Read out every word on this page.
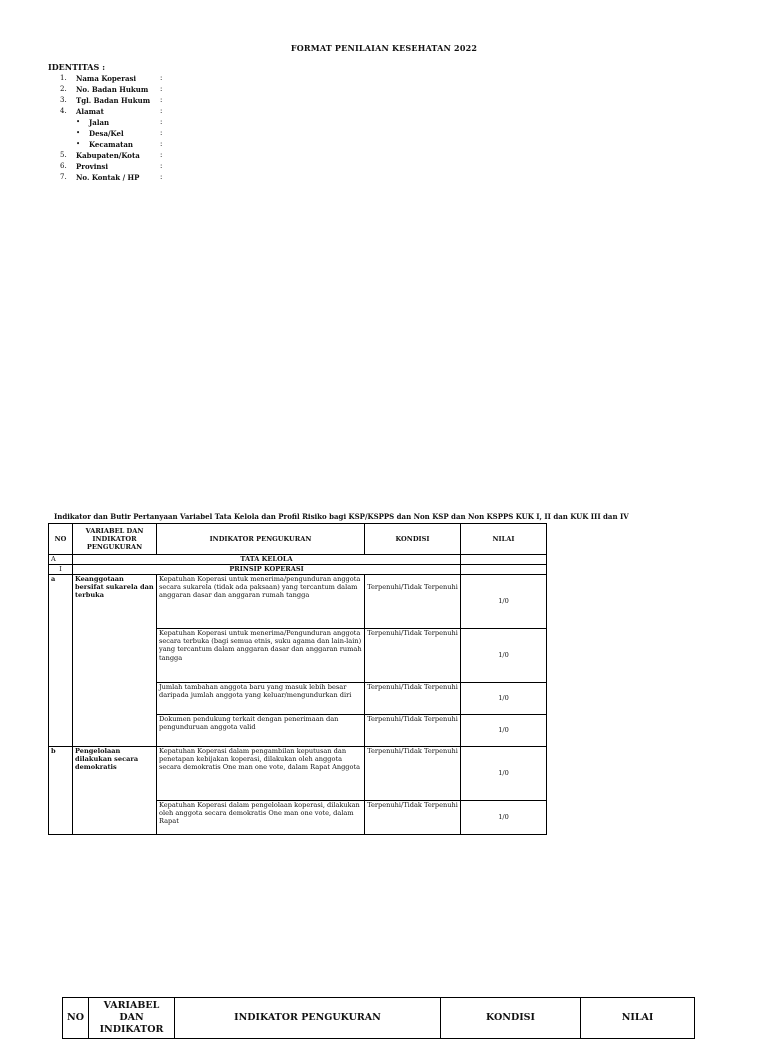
FORMAT PENILAIAN KESEHATAN 2022
IDENTITAS :
1.	Nama Koperasi	:
2.	No. Badan Hukum :
3.	Tgl. Badan Hukum :
4.	Alamat	:
• Jalan	:
• Desa/Kel	:
• Kecamatan	:
5.	Kabupaten/Kota	:
6.	Provinsi	:
7.	No. Kontak / HP	:
Indikator dan Butir Pertanyaan Variabel Tata Kelola dan Profil Risiko bagi KSP/KSPPS dan Non KSP dan Non KSPPS KUK I, II dan KUK III dan IV
NO	VARIABEL DAN INDIKATOR PENGUKURAN	INDIKATOR PENGUKURAN	KONDISI	NILAI
A	TATA KELOLA			
I	PRINSIP KOPERASI			
a	Keanggotaan bersifat sukarela dan terbuka	Kepatuhan Koperasi untuk menerima/pengunduran anggota secara sukarela (tidak ada paksaan) yang tercantum dalam anggaran dasar dan anggaran rumah tangga	Terpenuhi/Tidak Terpenuhi	1/0
		Kepatuhan Koperasi untuk menerima/Pengunduran anggota secara terbuka (bagi semua etnis, suku agama dan lain-lain) yang tercantum dalam anggaran dasar dan anggaran rumah tangga	Terpenuhi/Tidak Terpenuhi	1/0
		Jumlah tambahan anggota baru yang masuk lebih besar daripada jumlah anggota yang keluar/mengundurkan diri	Terpenuhi/Tidak Terpenuhi	1/0
		Dokumen pendukung terkait dengan penerimaan dan pengunduruan anggota valid	Terpenuhi/Tidak Terpenuhi	1/0
b	Pengelolaan dilakukan secara demokratis	Kepatuhan Koperasi dalam pengambilan keputusan dan penetapan kebijakan koperasi, dilakukan oleh anggota secara demokratis One man one vote, dalam Rapat Anggota	Terpenuhi/Tidak Terpenuhi	1/0
		Kepatuhan Koperasi dalam pengelolaan koperasi, dilakukan oleh anggota secara demokratis One man one vote, dalam Rapat	Terpenuhi/Tidak Terpenuhi	1/0
NO	VARIABEL DAN INDIKATOR	INDIKATOR PENGUKURAN	KONDISI	NILAI
